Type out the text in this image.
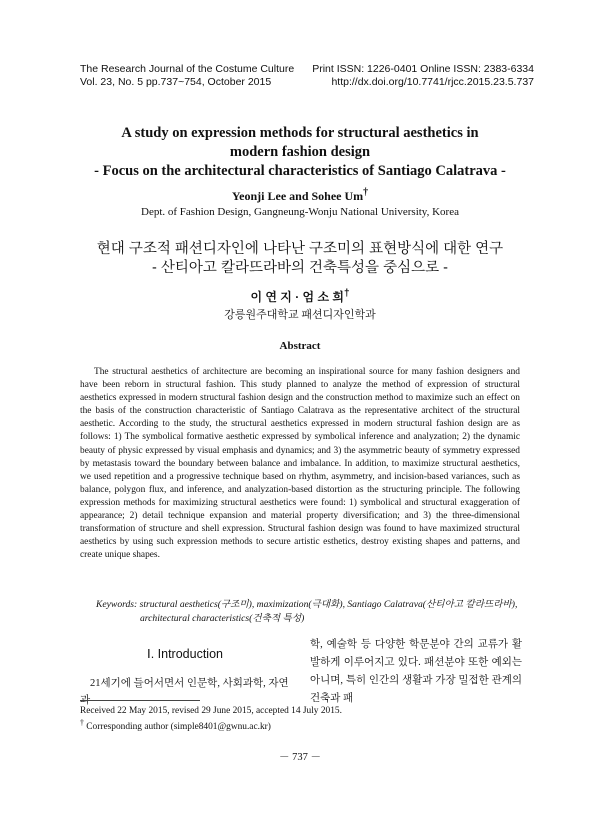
The Research Journal of the Costume Culture
Vol. 23, No. 5 pp.737~754, October 2015
Print ISSN: 1226-0401 Online ISSN: 2383-6334
http://dx.doi.org/10.7741/rjcc.2015.23.5.737
A study on expression methods for structural aesthetics in
modern fashion design
- Focus on the architectural characteristics of Santiago Calatrava -
Yeonji Lee and Sohee Um†
Dept. of Fashion Design, Gangneung-Wonju National University, Korea
현대 구조적 패션디자인에 나타난 구조미의 표현방식에 대한 연구
- 산티아고 칼라뜨라바의 건축특성을 중심으로 -
이 연 지 · 엄 소 희†
강릉원주대학교 패션디자인학과
Abstract

The structural aesthetics of architecture are becoming an inspirational source for many fashion designers and have been reborn in structural fashion. This study planned to analyze the method of expression of structural aesthetics expressed in modern structural fashion design and the construction method to maximize such an effect on the basis of the construction characteristic of Santiago Calatrava as the representative architect of the structural aesthetic. According to the study, the structural aesthetics expressed in modern structural fashion design are as follows: 1) The symbolical formative aesthetic expressed by symbolical inference and analyzation; 2) the dynamic beauty of physic expressed by visual emphasis and dynamics; and 3) the asymmetric beauty of symmetry expressed by metastasis toward the boundary between balance and imbalance. In addition, to maximize structural aesthetics, we used repetition and a progressive technique based on rhythm, asymmetry, and incision-based variances, such as balance, polygon flux, and inference, and analyzation-based distortion as the structuring principle. The following expression methods for maximizing structural aesthetics were found: 1) symbolical and structural exaggeration of appearance; 2) detail technique expansion and material property diversification; and 3) the three-dimensional transformation of structure and shell expression. Structural fashion design was found to have maximized structural aesthetics by using such expression methods to secure artistic esthetics, destroy existing shapes and patterns, and create unique shapes.

Keywords: structural aesthetics(구조미), maximization(극대화), Santiago Calatrava(산티아고 칼라뜨라바), architectural characteristics(건축적 특성)

Ⅰ. Introduction

21세기에 들어서면서 인문학, 사회과학, 자연과

학, 예술학 등 다양한 학문분야 간의 교류가 활발하게 이루어지고 있다. 패션분야 또한 예외는 아니며, 특히 인간의 생활과 가장 밀접한 관계의 건축과 패

Received 22 May 2015, revised 29 June 2015, accepted 14 July 2015.
† Corresponding author (simple8401@gwnu.ac.kr)
－ 737 －
